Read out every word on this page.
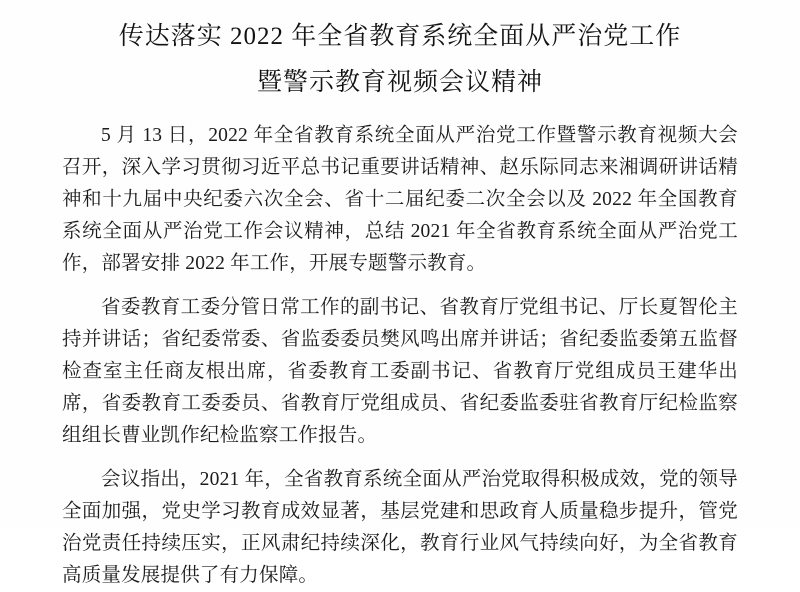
传达落实 2022 年全省教育系统全面从严治党工作
暨警示教育视频会议精神

5 月 13 日，2022 年全省教育系统全面从严治党工作暨警示教育视频大会召开，深入学习贯彻习近平总书记重要讲话精神、赵乐际同志来湘调研讲话精神和十九届中央纪委六次全会、省十二届纪委二次全会以及 2022 年全国教育系统全面从严治党工作会议精神，总结 2021 年全省教育系统全面从严治党工作，部署安排 2022 年工作，开展专题警示教育。

省委教育工委分管日常工作的副书记、省教育厅党组书记、厅长夏智伦主持并讲话；省纪委常委、省监委委员樊风鸣出席并讲话；省纪委监委第五监督检查室主任商友根出席，省委教育工委副书记、省教育厅党组成员王建华出席，省委教育工委委员、省教育厅党组成员、省纪委监委驻省教育厅纪检监察组组长曹业凯作纪检监察工作报告。

会议指出，2021 年，全省教育系统全面从严治党取得积极成效，党的领导全面加强，党史学习教育成效显著，基层党建和思政育人质量稳步提升，管党治党责任持续压实，正风肃纪持续深化，教育行业风气持续向好，为全省教育高质量发展提供了有力保障。
